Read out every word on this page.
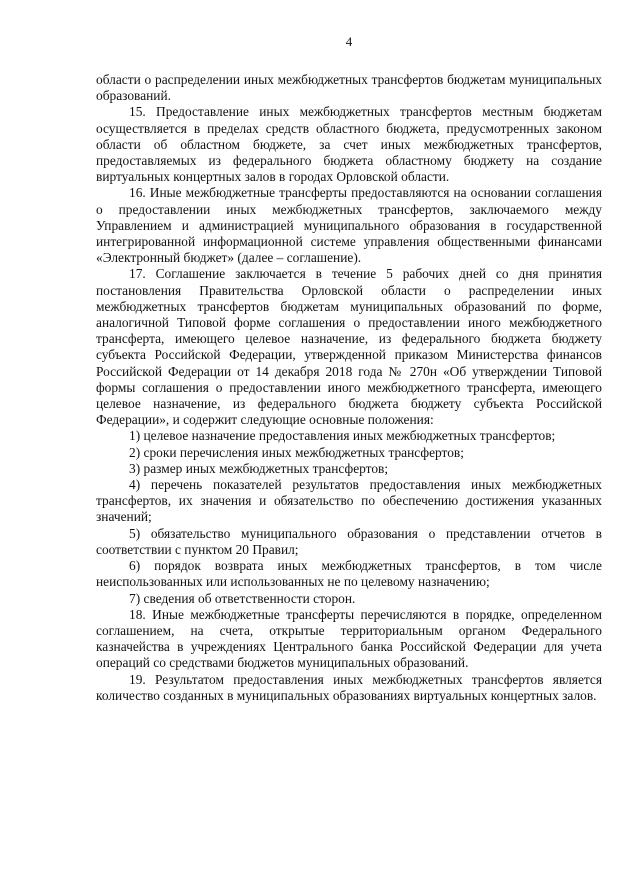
4

области о распределении иных межбюджетных трансфертов бюджетам муниципальных образований.

15. Предоставление иных межбюджетных трансфертов местным бюджетам осуществляется в пределах средств областного бюджета, предусмотренных законом области об областном бюджете, за счет иных межбюджетных трансфертов, предоставляемых из федерального бюджета областному бюджету на создание виртуальных концертных залов в городах Орловской области.

16. Иные межбюджетные трансферты предоставляются на основании соглашения о предоставлении иных межбюджетных трансфертов, заключаемого между Управлением и администрацией муниципального образования в государственной интегрированной информационной системе управления общественными финансами «Электронный бюджет» (далее – соглашение).

17. Соглашение заключается в течение 5 рабочих дней со дня принятия постановления Правительства Орловской области о распределении иных межбюджетных трансфертов бюджетам муниципальных образований по форме, аналогичной Типовой форме соглашения о предоставлении иного межбюджетного трансферта, имеющего целевое назначение, из федерального бюджета бюджету субъекта Российской Федерации, утвержденной приказом Министерства финансов Российской Федерации от 14 декабря 2018 года № 270н «Об утверждении Типовой формы соглашения о предоставлении иного межбюджетного трансферта, имеющего целевое назначение, из федерального бюджета бюджету субъекта Российской Федерации», и содержит следующие основные положения:

1) целевое назначение предоставления иных межбюджетных трансфертов;

2) сроки перечисления иных межбюджетных трансфертов;

3) размер иных межбюджетных трансфертов;

4) перечень показателей результатов предоставления иных межбюджетных трансфертов, их значения и обязательство по обеспечению достижения указанных значений;

5) обязательство муниципального образования о представлении отчетов в соответствии с пунктом 20 Правил;

6) порядок возврата иных межбюджетных трансфертов, в том числе неиспользованных или использованных не по целевому назначению;

7) сведения об ответственности сторон.

18. Иные межбюджетные трансферты перечисляются в порядке, определенном соглашением, на счета, открытые территориальным органом Федерального казначейства в учреждениях Центрального банка Российской Федерации для учета операций со средствами бюджетов муниципальных образований.

19. Результатом предоставления иных межбюджетных трансфертов является количество созданных в муниципальных образованиях виртуальных концертных залов.
